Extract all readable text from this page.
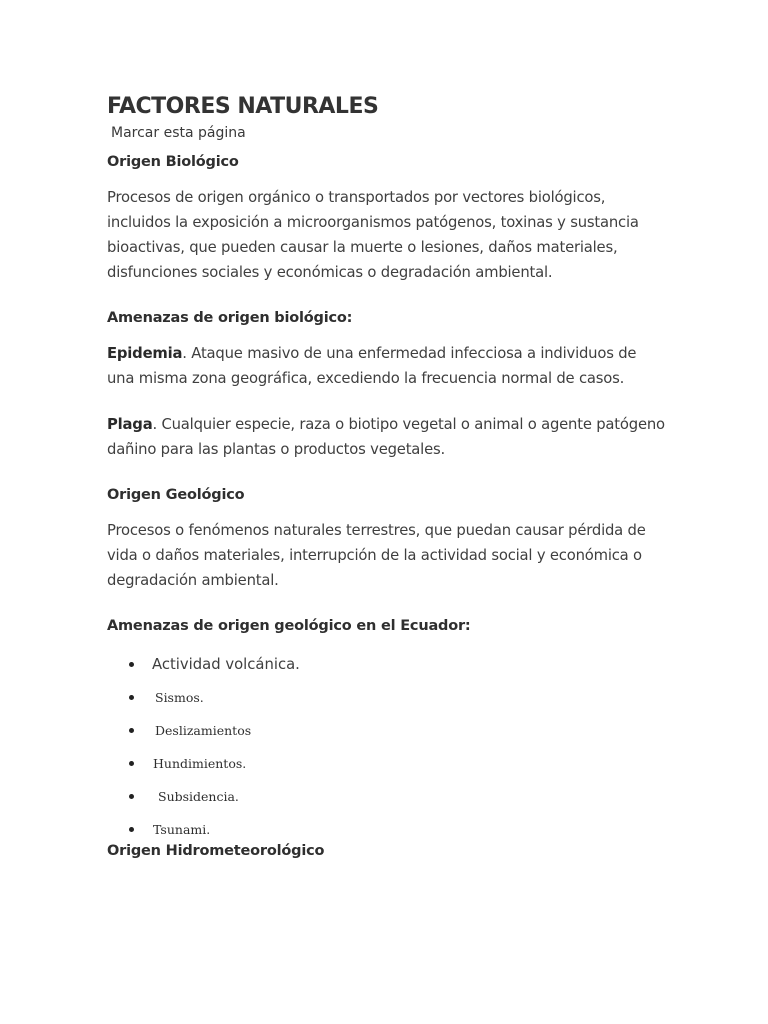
FACTORES NATURALES
Marcar esta página
Origen Biológico

Procesos de origen orgánico o transportados por vectores biológicos, incluidos la exposición a microorganismos patógenos, toxinas y sustancia bioactivas, que pueden causar la muerte o lesiones, daños materiales, disfunciones sociales y económicas o degradación ambiental.

Amenazas de origen biológico:

Epidemia. Ataque masivo de una enfermedad infecciosa a individuos de una misma zona geográfica, excediendo la frecuencia normal de casos.

Plaga. Cualquier especie, raza o biotipo vegetal o animal o agente patógeno dañino para las plantas o productos vegetales.

Origen Geológico

Procesos o fenómenos naturales terrestres, que puedan causar pérdida de vida o daños materiales, interrupción de la actividad social y económica o degradación ambiental.

Amenazas de origen geológico en el Ecuador:
Actividad volcánica.
Sismos.
Deslizamientos
Hundimientos.
Subsidencia.
Tsunami.
Origen Hidrometeorológico
